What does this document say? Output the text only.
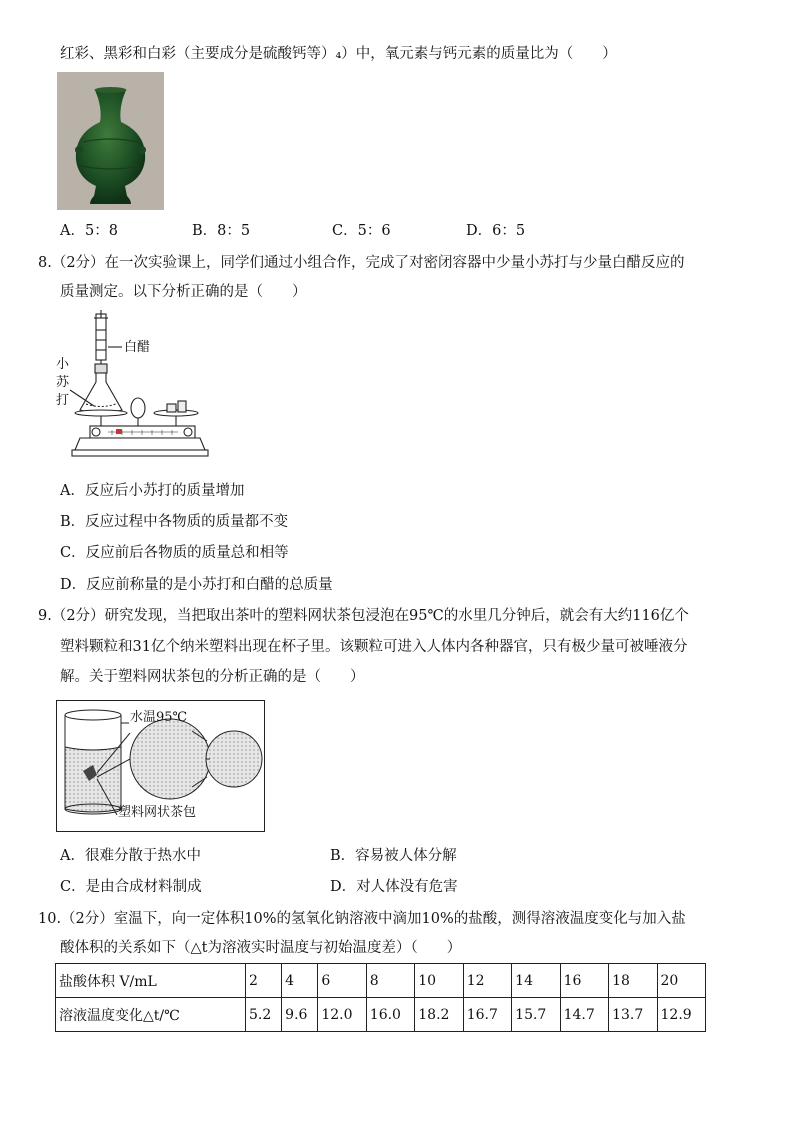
红彩、黑彩和白彩（主要成分是硫酸钙等）₄）中，氧元素与钙元素的质量比为（　　）
A．5：8	B．8：5	C．5：6	D．6：5
8.（2分）在一次实验课上，同学们通过小组合作，完成了对密闭容器中少量小苏打与少量白醋反应的
质量测定。以下分析正确的是（　　）
白醋
小
苏
打
A．反应后小苏打的质量增加
B．反应过程中各物质的质量都不变
C．反应前后各物质的质量总和相等
D．反应前称量的是小苏打和白醋的总质量
9.（2分）研究发现，当把取出茶叶的塑料网状茶包浸泡在95℃的水里几分钟后，就会有大约116亿个
塑料颗粒和31亿个纳米塑料出现在杯子里。该颗粒可进入人体内各种器官，只有极少量可被唾液分
解。关于塑料网状茶包的分析正确的是（　　）
水温95℃
塑料网状茶包
A．很难分散于热水中	B．容易被人体分解
C．是由合成材料制成	D．对人体没有危害
10.（2分）室温下，向一定体积10%的氢氧化钠溶液中滴加10%的盐酸，测得溶液温度变化与加入盐
酸体积的关系如下（△t为溶液实时温度与初始温度差）（　　）
盐酸体积 V/mL	2	4	6	8	10	12	14	16	18	20
溶液温度变化△t/℃	5.2	9.6	12.0	16.0	18.2	16.7	15.7	14.7	13.7	12.9
